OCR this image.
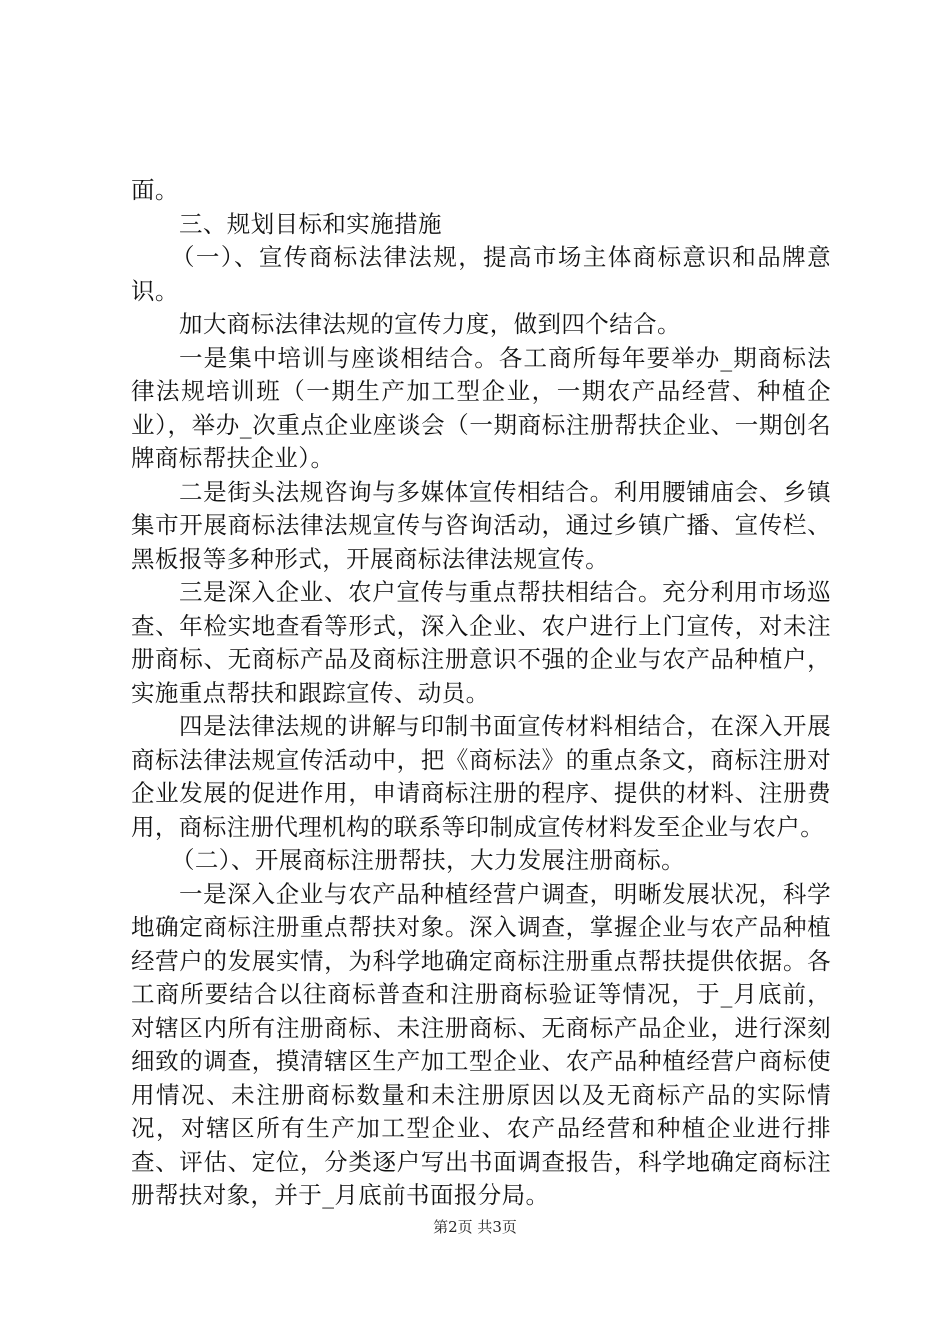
面。

三、规划目标和实施措施

（一）、宣传商标法律法规，提高市场主体商标意识和品牌意识。

加大商标法律法规的宣传力度，做到四个结合。

一是集中培训与座谈相结合。各工商所每年要举办_期商标法律法规培训班（一期生产加工型企业，一期农产品经营、种植企业），举办_次重点企业座谈会（一期商标注册帮扶企业、一期创名牌商标帮扶企业）。

二是街头法规咨询与多媒体宣传相结合。利用腰铺庙会、乡镇集市开展商标法律法规宣传与咨询活动，通过乡镇广播、宣传栏、黑板报等多种形式，开展商标法律法规宣传。

三是深入企业、农户宣传与重点帮扶相结合。充分利用市场巡查、年检实地查看等形式，深入企业、农户进行上门宣传，对未注册商标、无商标产品及商标注册意识不强的企业与农产品种植户，实施重点帮扶和跟踪宣传、动员。

四是法律法规的讲解与印制书面宣传材料相结合，在深入开展商标法律法规宣传活动中，把《商标法》的重点条文，商标注册对企业发展的促进作用，申请商标注册的程序、提供的材料、注册费用，商标注册代理机构的联系等印制成宣传材料发至企业与农户。

（二）、开展商标注册帮扶，大力发展注册商标。

一是深入企业与农产品种植经营户调查，明晰发展状况，科学地确定商标注册重点帮扶对象。深入调查，掌握企业与农产品种植经营户的发展实情，为科学地确定商标注册重点帮扶提供依据。各工商所要结合以往商标普查和注册商标验证等情况，于_月底前，对辖区内所有注册商标、未注册商标、无商标产品企业，进行深刻细致的调查，摸清辖区生产加工型企业、农产品种植经营户商标使用情况、未注册商标数量和未注册原因以及无商标产品的实际情况，对辖区所有生产加工型企业、农产品经营和种植企业进行排查、评估、定位，分类逐户写出书面调查报告，科学地确定商标注册帮扶对象，并于_月底前书面报分局。

第2页 共3页
